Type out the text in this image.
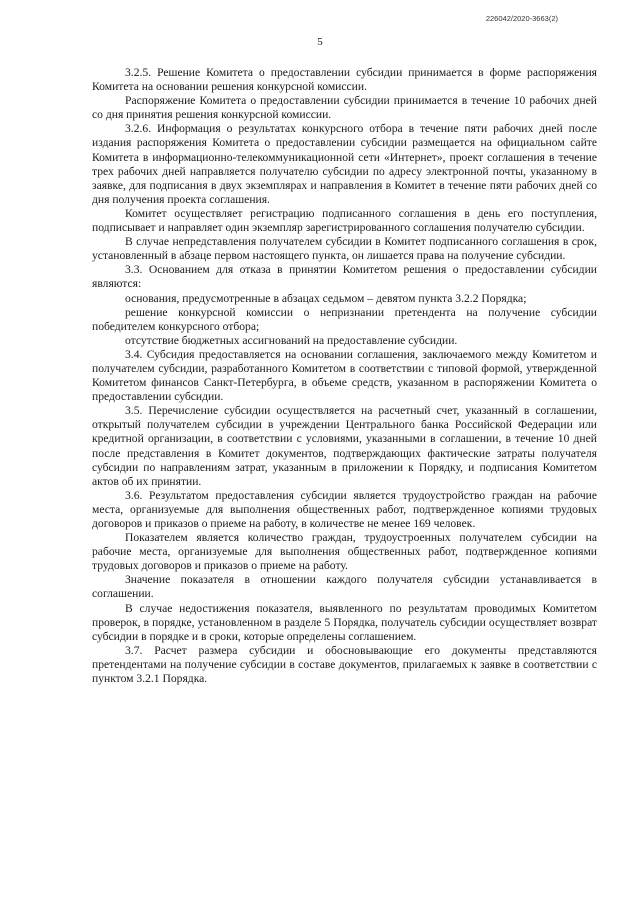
226042/2020-3663(2)
5

3.2.5. Решение Комитета о предоставлении субсидии принимается в форме распоряжения Комитета на основании решения конкурсной комиссии.

Распоряжение Комитета о предоставлении субсидии принимается в течение 10 рабочих дней со дня принятия решения конкурсной комиссии.

3.2.6. Информация о результатах конкурсного отбора в течение пяти рабочих дней после издания распоряжения Комитета о предоставлении субсидии размещается на официальном сайте Комитета в информационно-телекоммуникационной сети «Интернет», проект соглашения в течение трех рабочих дней направляется получателю субсидии по адресу электронной почты, указанному в заявке, для подписания в двух экземплярах и направления в Комитет в течение пяти рабочих дней со дня получения проекта соглашения.

Комитет осуществляет регистрацию подписанного соглашения в день его поступления, подписывает и направляет один экземпляр зарегистрированного соглашения получателю субсидии.

В случае непредставления получателем субсидии в Комитет подписанного соглашения в срок, установленный в абзаце первом настоящего пункта, он лишается права на получение субсидии.

3.3. Основанием для отказа в принятии Комитетом решения о предоставлении субсидии являются:

основания, предусмотренные в абзацах седьмом – девятом пункта 3.2.2 Порядка;

решение конкурсной комиссии о непризнании претендента на получение субсидии победителем конкурсного отбора;

отсутствие бюджетных ассигнований на предоставление субсидии.

3.4. Субсидия предоставляется на основании соглашения, заключаемого между Комитетом и получателем субсидии, разработанного Комитетом в соответствии с типовой формой, утвержденной Комитетом финансов Санкт-Петербурга, в объеме средств, указанном в распоряжении Комитета о предоставлении субсидии.

3.5. Перечисление субсидии осуществляется на расчетный счет, указанный в соглашении, открытый получателем субсидии в учреждении Центрального банка Российской Федерации или кредитной организации, в соответствии с условиями, указанными в соглашении, в течение 10 дней после представления в Комитет документов, подтверждающих фактические затраты получателя субсидии по направлениям затрат, указанным в приложении к Порядку, и подписания Комитетом актов об их принятии.

3.6. Результатом предоставления субсидии является трудоустройство граждан на рабочие места, организуемые для выполнения общественных работ, подтвержденное копиями трудовых договоров и приказов о приеме на работу, в количестве не менее 169 человек.

Показателем является количество граждан, трудоустроенных получателем субсидии на рабочие места, организуемые для выполнения общественных работ, подтвержденное копиями трудовых договоров и приказов о приеме на работу.

Значение показателя в отношении каждого получателя субсидии устанавливается в соглашении.

В случае недостижения показателя, выявленного по результатам проводимых Комитетом проверок, в порядке, установленном в разделе 5 Порядка, получатель субсидии осуществляет возврат субсидии в порядке и в сроки, которые определены соглашением.

3.7. Расчет размера субсидии и обосновывающие его документы представляются претендентами на получение субсидии в составе документов, прилагаемых к заявке в соответствии с пунктом 3.2.1 Порядка.
